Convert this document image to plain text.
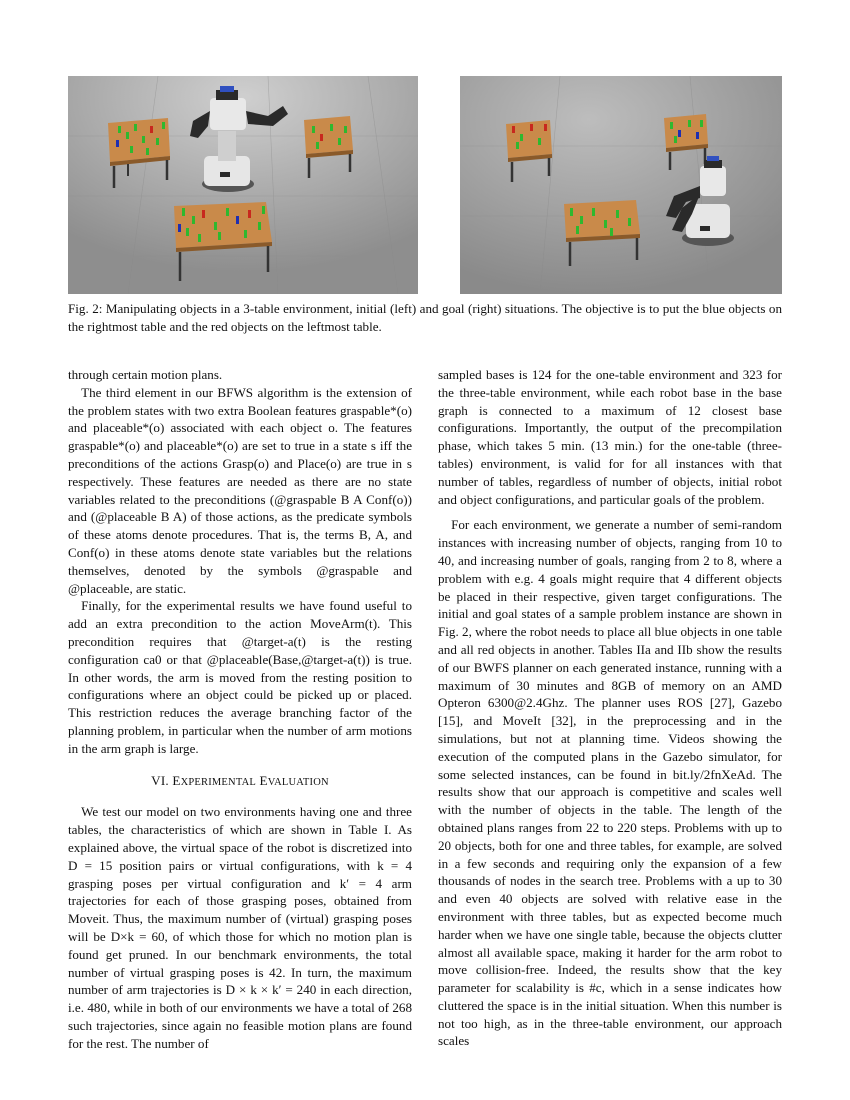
Fig. 2: Manipulating objects in a 3-table environment, initial (left) and goal (right) situations. The objective is to put the blue objects on the rightmost table and the red objects on the leftmost table.

through certain motion plans.

The third element in our BFWS algorithm is the extension of the problem states with two extra Boolean features graspable*(o) and placeable*(o) associated with each object o. The features graspable*(o) and placeable*(o) are set to true in a state s iff the preconditions of the actions Grasp(o) and Place(o) are true in s respectively. These features are needed as there are no state variables related to the preconditions (@graspable B A Conf(o)) and (@placeable B A) of those actions, as the predicate symbols of these atoms denote procedures. That is, the terms B, A, and Conf(o) in these atoms denote state variables but the relations themselves, denoted by the symbols @graspable and @placeable, are static.

Finally, for the experimental results we have found useful to add an extra precondition to the action MoveArm(t). This precondition requires that @target-a(t) is the resting configuration ca0 or that @placeable(Base,@target-a(t)) is true. In other words, the arm is moved from the resting position to configurations where an object could be picked up or placed. This restriction reduces the average branching factor of the planning problem, in particular when the number of arm motions in the arm graph is large.

VI. EXPERIMENTAL EVALUATION

We test our model on two environments having one and three tables, the characteristics of which are shown in Table I. As explained above, the virtual space of the robot is discretized into D = 15 position pairs or virtual configurations, with k = 4 grasping poses per virtual configuration and k′ = 4 arm trajectories for each of those grasping poses, obtained from Moveit. Thus, the maximum number of (virtual) grasping poses will be D×k = 60, of which those for which no motion plan is found get pruned. In our benchmark environments, the total number of virtual grasping poses is 42. In turn, the maximum number of arm trajectories is D × k × k′ = 240 in each direction, i.e. 480, while in both of our environments we have a total of 268 such trajectories, since again no feasible motion plans are found for the rest. The number of

sampled bases is 124 for the one-table environment and 323 for the three-table environment, while each robot base in the base graph is connected to a maximum of 12 closest base configurations. Importantly, the output of the precompilation phase, which takes 5 min. (13 min.) for the one-table (three-tables) environment, is valid for for all instances with that number of tables, regardless of number of objects, initial robot and object configurations, and particular goals of the problem.

For each environment, we generate a number of semi-random instances with increasing number of objects, ranging from 10 to 40, and increasing number of goals, ranging from 2 to 8, where a problem with e.g. 4 goals might require that 4 different objects be placed in their respective, given target configurations. The initial and goal states of a sample problem instance are shown in Fig. 2, where the robot needs to place all blue objects in one table and all red objects in another. Tables IIa and IIb show the results of our BWFS planner on each generated instance, running with a maximum of 30 minutes and 8GB of memory on an AMD Opteron 6300@2.4Ghz. The planner uses ROS [27], Gazebo [15], and MoveIt [32], in the preprocessing and in the simulations, but not at planning time. Videos showing the execution of the computed plans in the Gazebo simulator, for some selected instances, can be found in bit.ly/2fnXeAd. The results show that our approach is competitive and scales well with the number of objects in the table. The length of the obtained plans ranges from 22 to 220 steps. Problems with up to 20 objects, both for one and three tables, for example, are solved in a few seconds and requiring only the expansion of a few thousands of nodes in the search tree. Problems with a up to 30 and even 40 objects are solved with relative ease in the environment with three tables, but as expected become much harder when we have one single table, because the objects clutter almost all available space, making it harder for the arm robot to move collision-free. Indeed, the results show that the key parameter for scalability is #c, which in a sense indicates how cluttered the space is in the initial situation. When this number is not too high, as in the three-table environment, our approach scales
